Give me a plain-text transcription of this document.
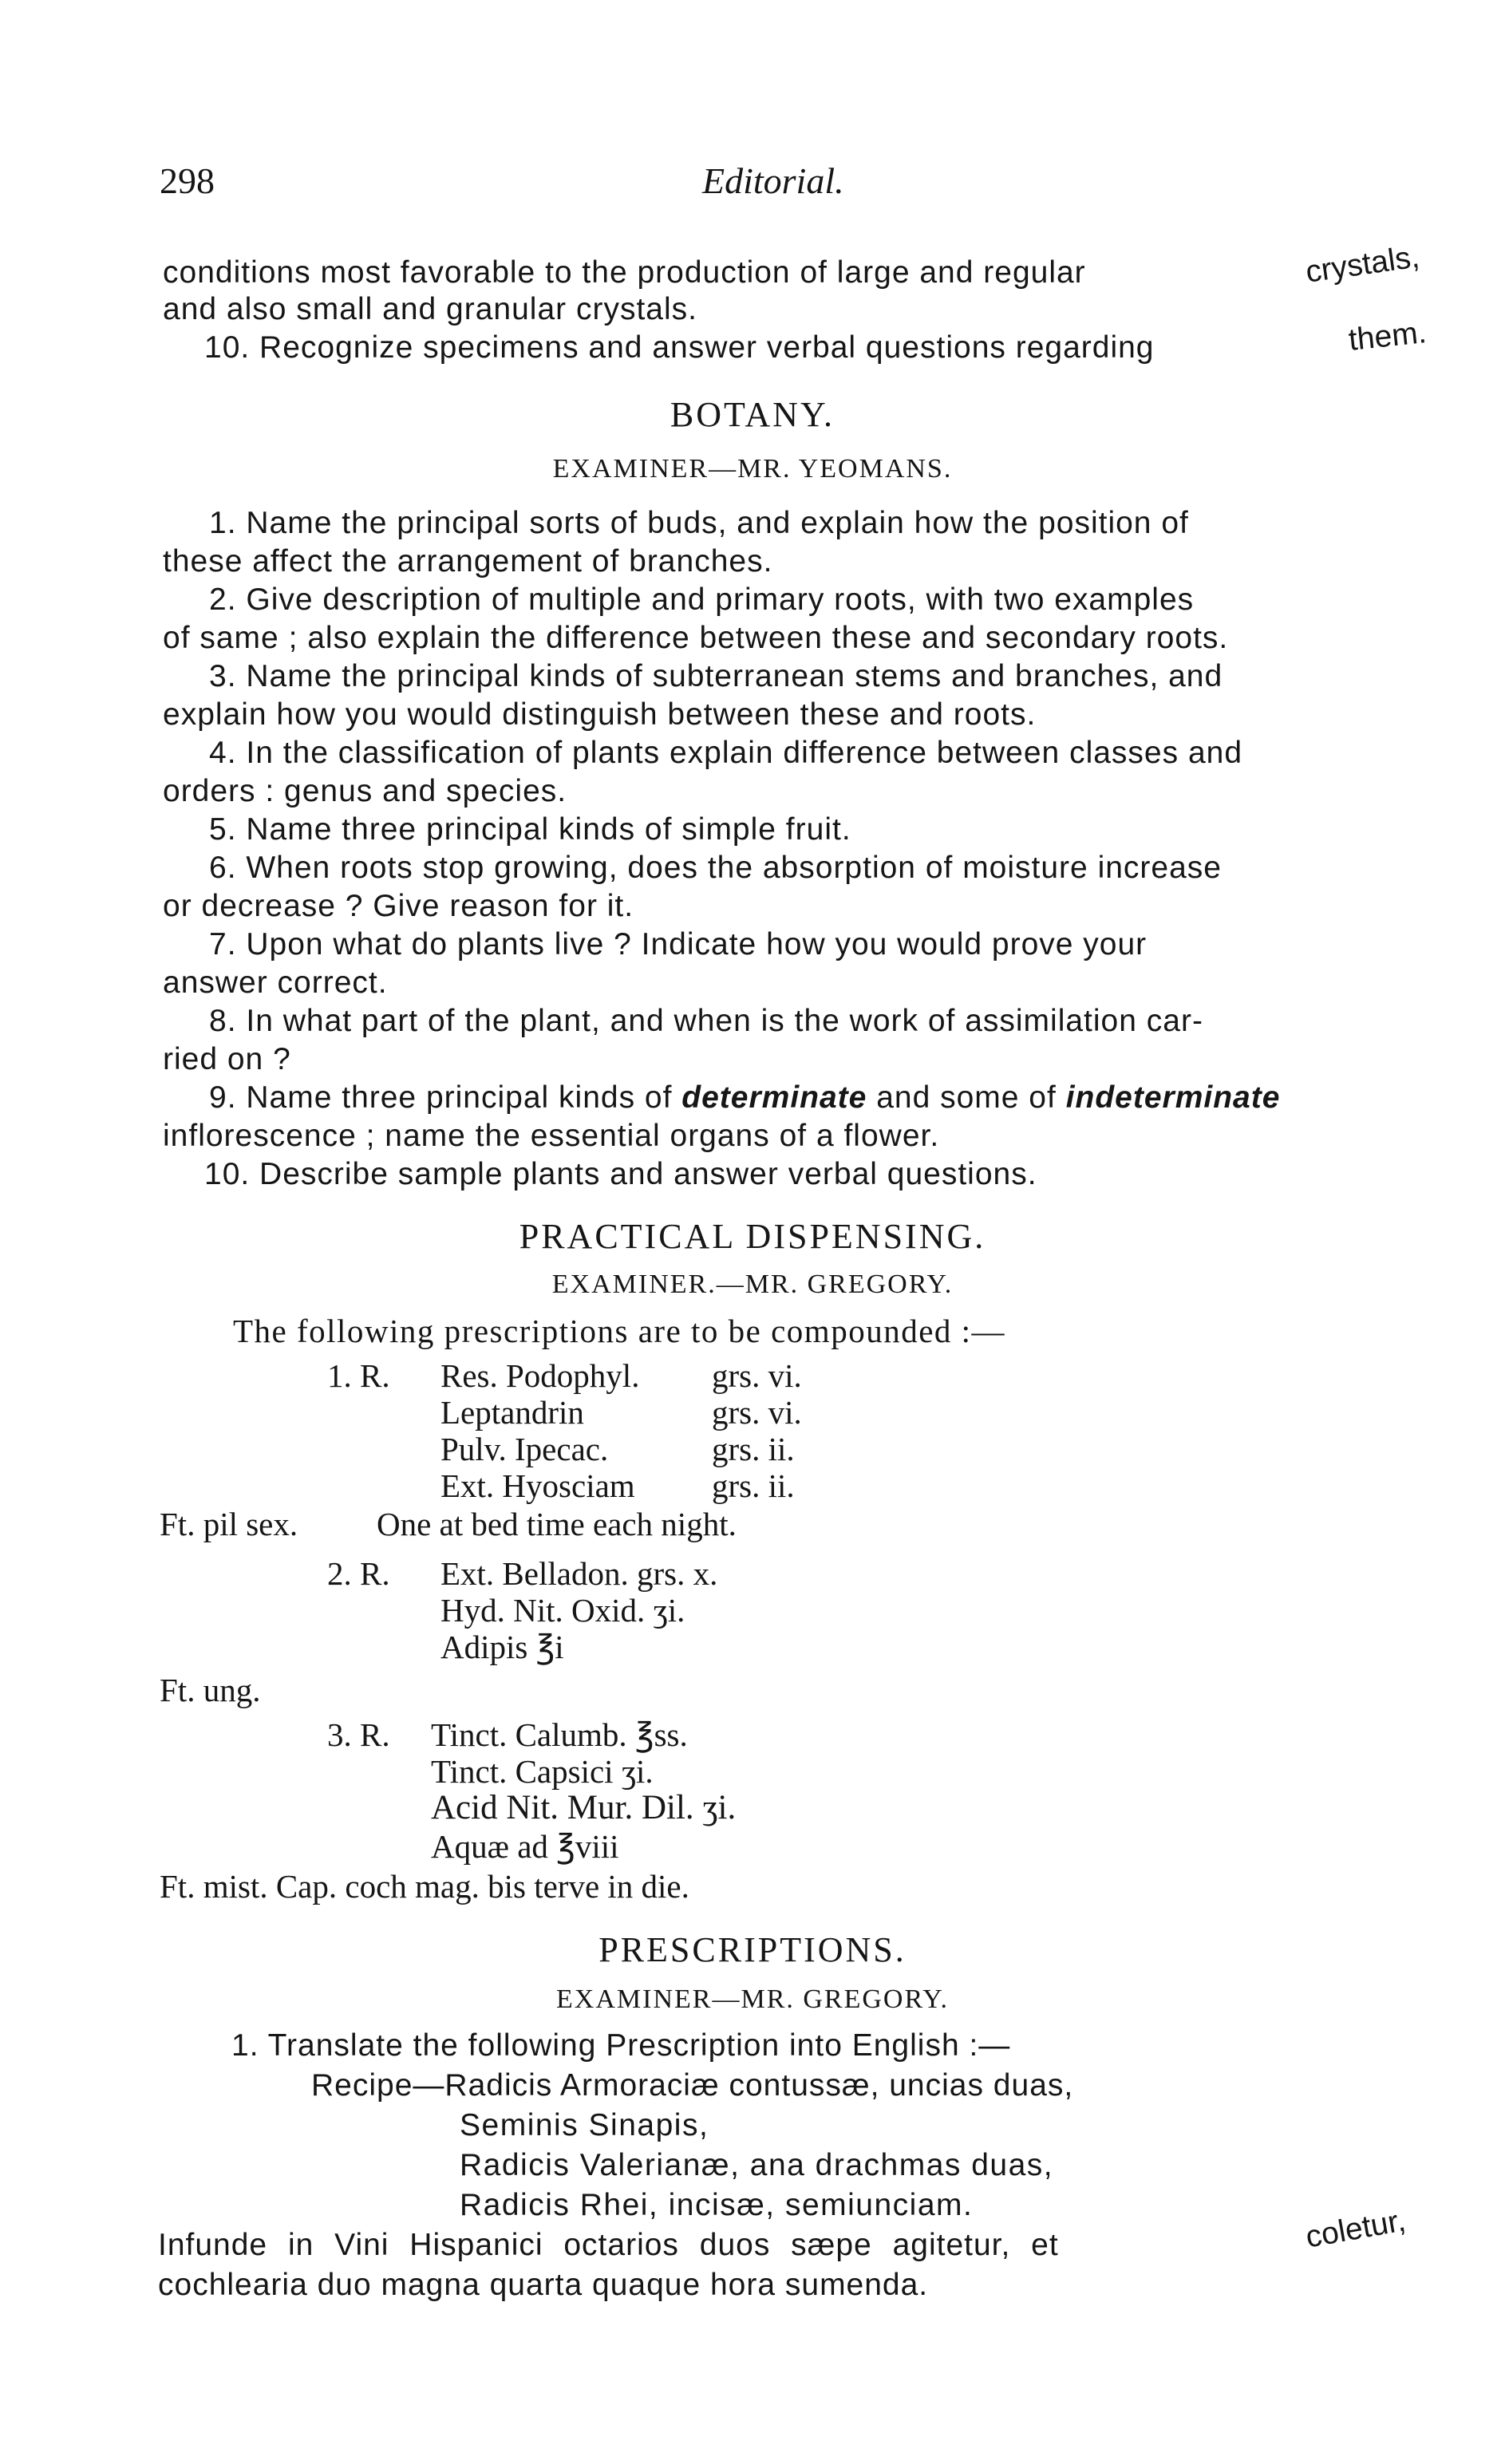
298	Editorial.
conditions most favorable to the production of large and regular	crystals,
and also small and granular crystals.
10. Recognize specimens and answer verbal questions regarding	them.
BOTANY.
EXAMINER—MR. YEOMANS.
1. Name the principal sorts of buds, and explain how the position of
these affect the arrangement of branches.
2. Give description of multiple and primary roots, with two examples
of same ; also explain the difference between these and secondary roots.
3. Name the principal kinds of subterranean stems and branches, and
explain how you would distinguish between these and roots.
4. In the classification of plants explain difference between classes and
orders : genus and species.
5. Name three principal kinds of simple fruit.
6. When roots stop growing, does the absorption of moisture increase
or decrease ? Give reason for it.
7. Upon what do plants live ? Indicate how you would prove your
answer correct.
8. In what part of the plant, and when is the work of assimilation car-
ried on ?
9. Name three principal kinds of determinate and some of indeterminate
inflorescence ; name the essential organs of a flower.
10. Describe sample plants and answer verbal questions.
PRACTICAL DISPENSING.
EXAMINER.—MR. GREGORY.
The following prescriptions are to be compounded :—
1. R. Res. Podophyl. grs. vi.
Leptandrin	grs. vi.
Pulv. Ipecac.	grs. ii.
Ext. Hyosciam grs. ii.
Ft. pil sex. One at bed time each night.
2. R. Ext. Belladon. grs. x.
Hyd. Nit. Oxid. ʒi.
Adipis ℥i
Ft. ung.
3. R. Tinct. Calumb. ℥ss.
Tinct. Capsici ʒi.
Acid Nit. Mur. Dil. ʒi.
Aquæ ad ℥viii
Ft. mist. Cap. coch mag. bis terve in die.
PRESCRIPTIONS.
EXAMINER—MR. GREGORY.
1. Translate the following Prescription into English :—
Recipe—Radicis Armoraciæ contussæ, uncias duas,
Seminis Sinapis,
Radicis Valerianæ, ana drachmas duas,
Radicis Rhei, incisæ, semiunciam.
Infunde in Vini Hispanici octarios duos sæpe agitetur, et	coletur,
cochlearia duo magna quarta quaque hora sumenda.
